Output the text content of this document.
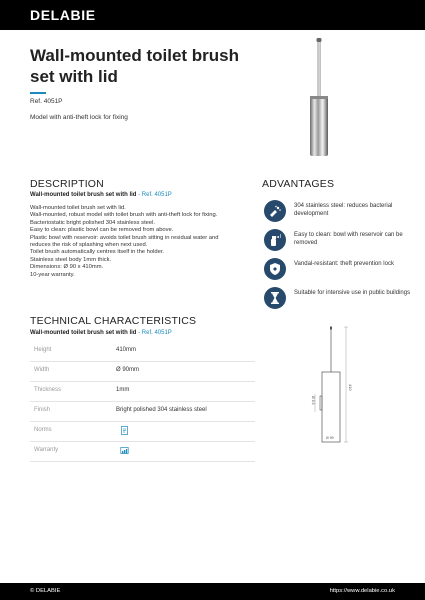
DELABIE
Wall-mounted toilet brush set with lid
Ref. 4051P
Model with anti-theft lock for fixing
DESCRIPTION
Wall-mounted toilet brush set with lid - Ref. 4051P
Wall-mounted toilet brush set with lid.
Wall-mounted, robust model with toilet brush with anti-theft lock for fixing.
Bacteriostatic bright polished 304 stainless steel.
Easy to clean: plastic bowl can be removed from above.
Plastic bowl with reservoir: avoids toilet brush sitting in residual water and
reduces the risk of splashing when next used.
Toilet brush automatically centres itself in the holder.
Stainless steel body 1mm thick.
Dimensions: Ø 90 x 410mm.
10-year warranty.
ADVANTAGES
304 stainless steel: reduces bacterial development
Easy to clean: bowl with reservoir can be removed
Vandal-resistant: theft prevention lock
Suitable for intensive use in public buildings
TECHNICAL CHARACTERISTICS
Wall-mounted toilet brush set with lid - Ref. 4051P
Height	410mm
Width	Ø 90mm
Thickness	1mm
Finish	Bright polished 304 stainless steel
Norms
Warranty
410
Ø 8,5
Ø 99
© DELABIE	https://www.delabie.co.uk
